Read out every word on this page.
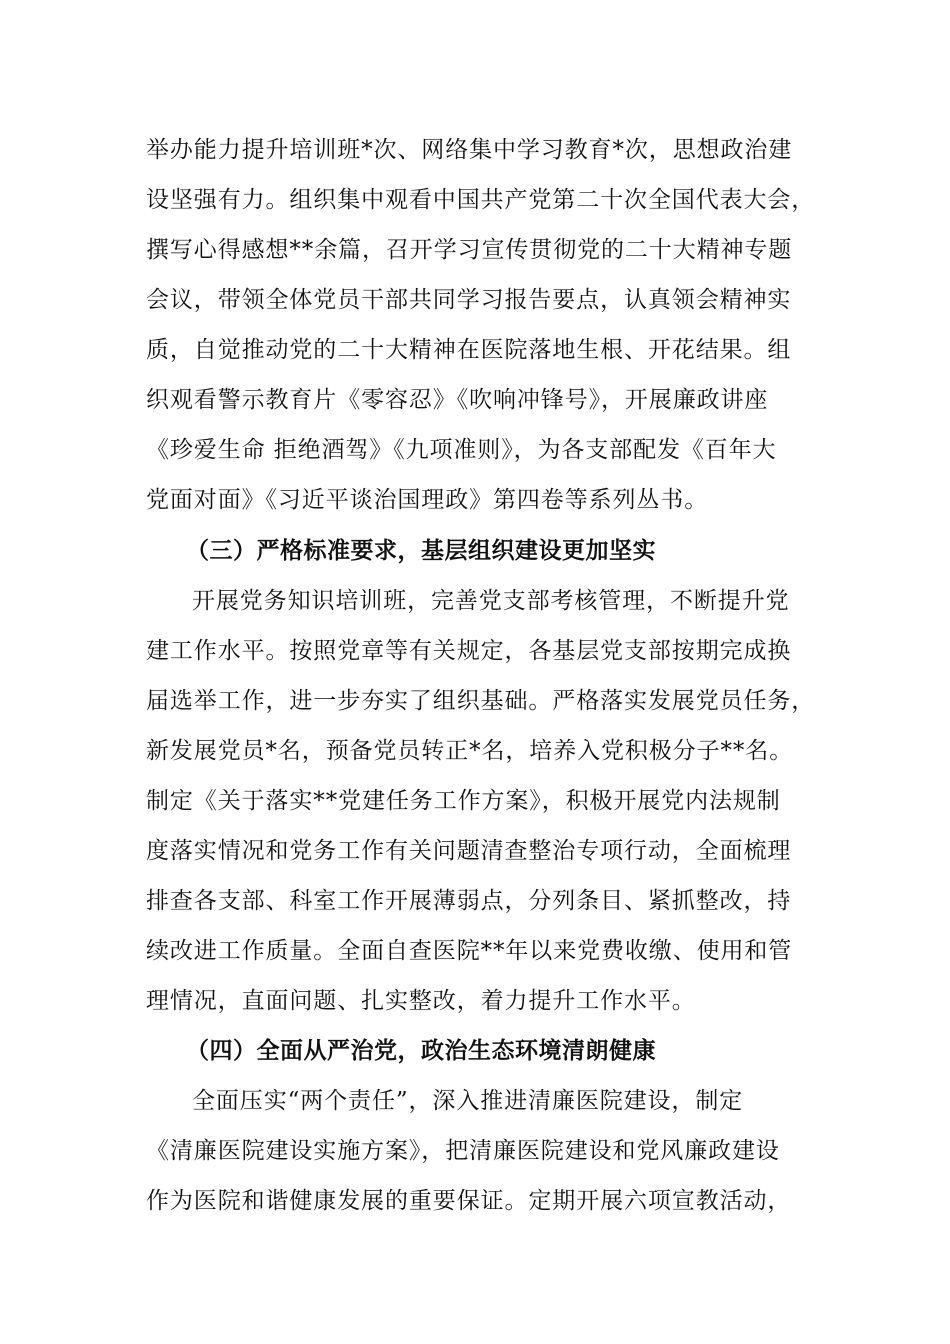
举办能力提升培训班*次、网络集中学习教育*次，思想政治建
设坚强有力。组织集中观看中国共产党第二十次全国代表大会，
撰写心得感想**余篇，召开学习宣传贯彻党的二十大精神专题
会议，带领全体党员干部共同学习报告要点，认真领会精神实
质，自觉推动党的二十大精神在医院落地生根、开花结果。组
织观看警示教育片《零容忍》《吹响冲锋号》，开展廉政讲座
《珍爱生命 拒绝酒驾》《九项准则》，为各支部配发《百年大
党面对面》《习近平谈治国理政》第四卷等系列丛书。
（三）严格标准要求，基层组织建设更加坚实
开展党务知识培训班，完善党支部考核管理，不断提升党
建工作水平。按照党章等有关规定，各基层党支部按期完成换
届选举工作，进一步夯实了组织基础。严格落实发展党员任务，
新发展党员*名，预备党员转正*名，培养入党积极分子**名。
制定《关于落实**党建任务工作方案》，积极开展党内法规制
度落实情况和党务工作有关问题清查整治专项行动，全面梳理
排查各支部、科室工作开展薄弱点，分列条目、紧抓整改，持
续改进工作质量。全面自查医院**年以来党费收缴、使用和管
理情况，直面问题、扎实整改，着力提升工作水平。
（四）全面从严治党，政治生态环境清朗健康
全面压实“两个责任”，深入推进清廉医院建设，制定
《清廉医院建设实施方案》，把清廉医院建设和党风廉政建设
作为医院和谐健康发展的重要保证。定期开展六项宣教活动，
